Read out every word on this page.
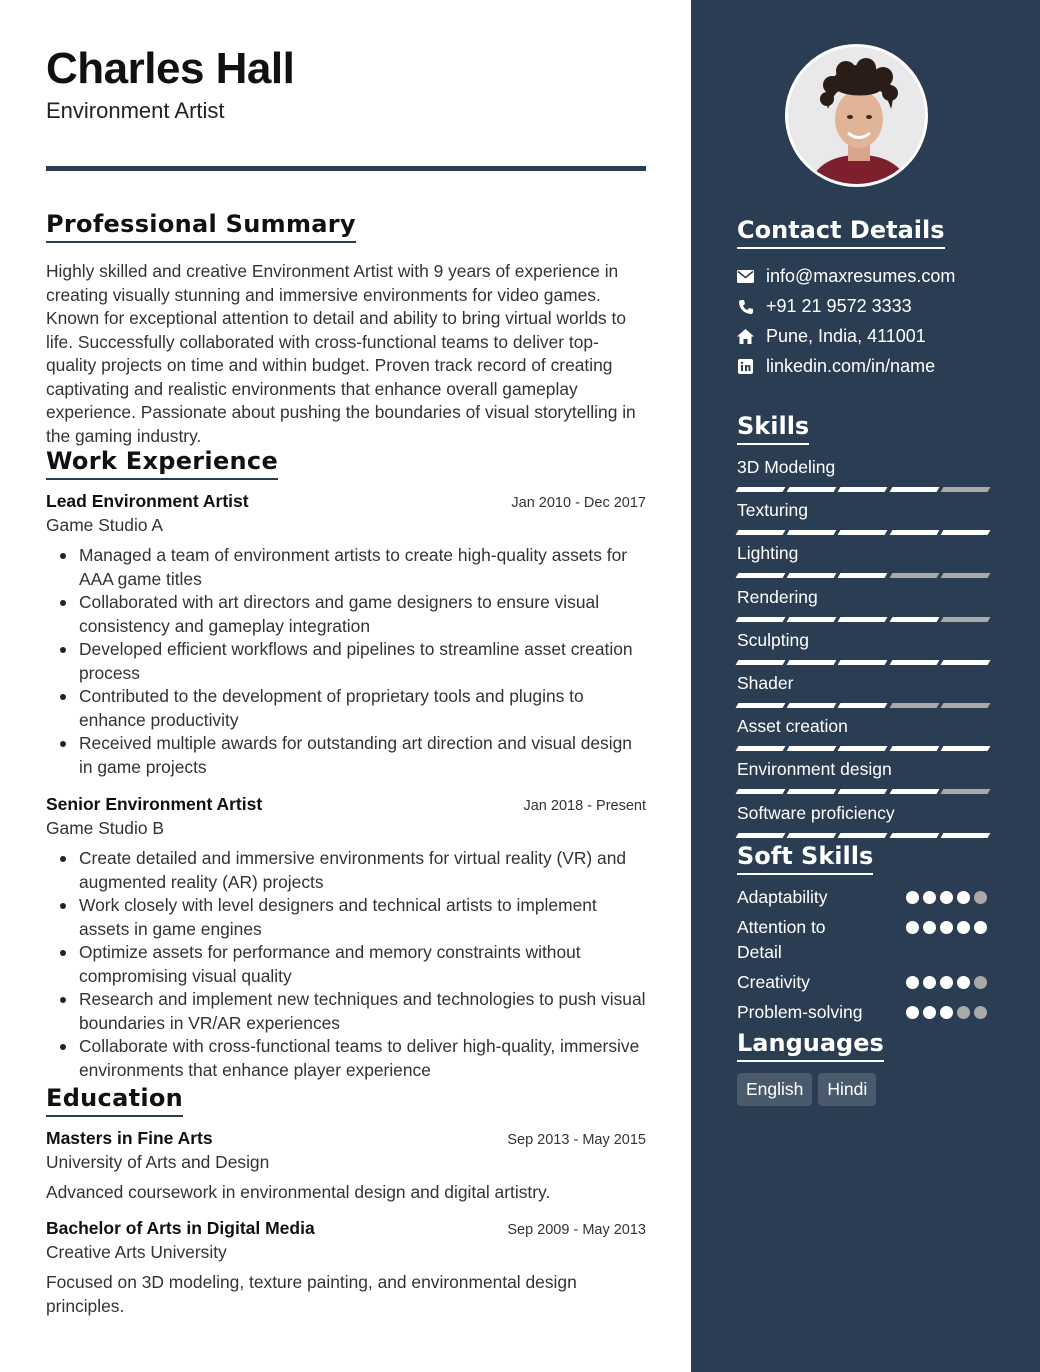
Charles Hall
Environment Artist
Professional Summary
Highly skilled and creative Environment Artist with 9 years of experience in creating visually stunning and immersive environments for video games. Known for exceptional attention to detail and ability to bring virtual worlds to life. Successfully collaborated with cross-functional teams to deliver top-quality projects on time and within budget. Proven track record of creating captivating and realistic environments that enhance overall gameplay experience. Passionate about pushing the boundaries of visual storytelling in the gaming industry.
Work Experience
Lead Environment Artist	Jan 2010 - Dec 2017
Game Studio A
Managed a team of environment artists to create high-quality assets for AAA game titles
Collaborated with art directors and game designers to ensure visual consistency and gameplay integration
Developed efficient workflows and pipelines to streamline asset creation process
Contributed to the development of proprietary tools and plugins to enhance productivity
Received multiple awards for outstanding art direction and visual design in game projects
Senior Environment Artist	Jan 2018 - Present
Game Studio B
Create detailed and immersive environments for virtual reality (VR) and augmented reality (AR) projects
Work closely with level designers and technical artists to implement assets in game engines
Optimize assets for performance and memory constraints without compromising visual quality
Research and implement new techniques and technologies to push visual boundaries in VR/AR experiences
Collaborate with cross-functional teams to deliver high-quality, immersive environments that enhance player experience
Education
Masters in Fine Arts	Sep 2013 - May 2015
University of Arts and Design
Advanced coursework in environmental design and digital artistry.
Bachelor of Arts in Digital Media	Sep 2009 - May 2013
Creative Arts University
Focused on 3D modeling, texture painting, and environmental design principles.
Contact Details
info@maxresumes.com
+91 21 9572 3333
Pune, India, 411001
linkedin.com/in/name
Skills
3D Modeling
Texturing
Lighting
Rendering
Sculpting
Shader
Asset creation
Environment design
Software proficiency
Soft Skills
Adaptability
Attention to Detail
Creativity
Problem-solving
Languages
English	Hindi
